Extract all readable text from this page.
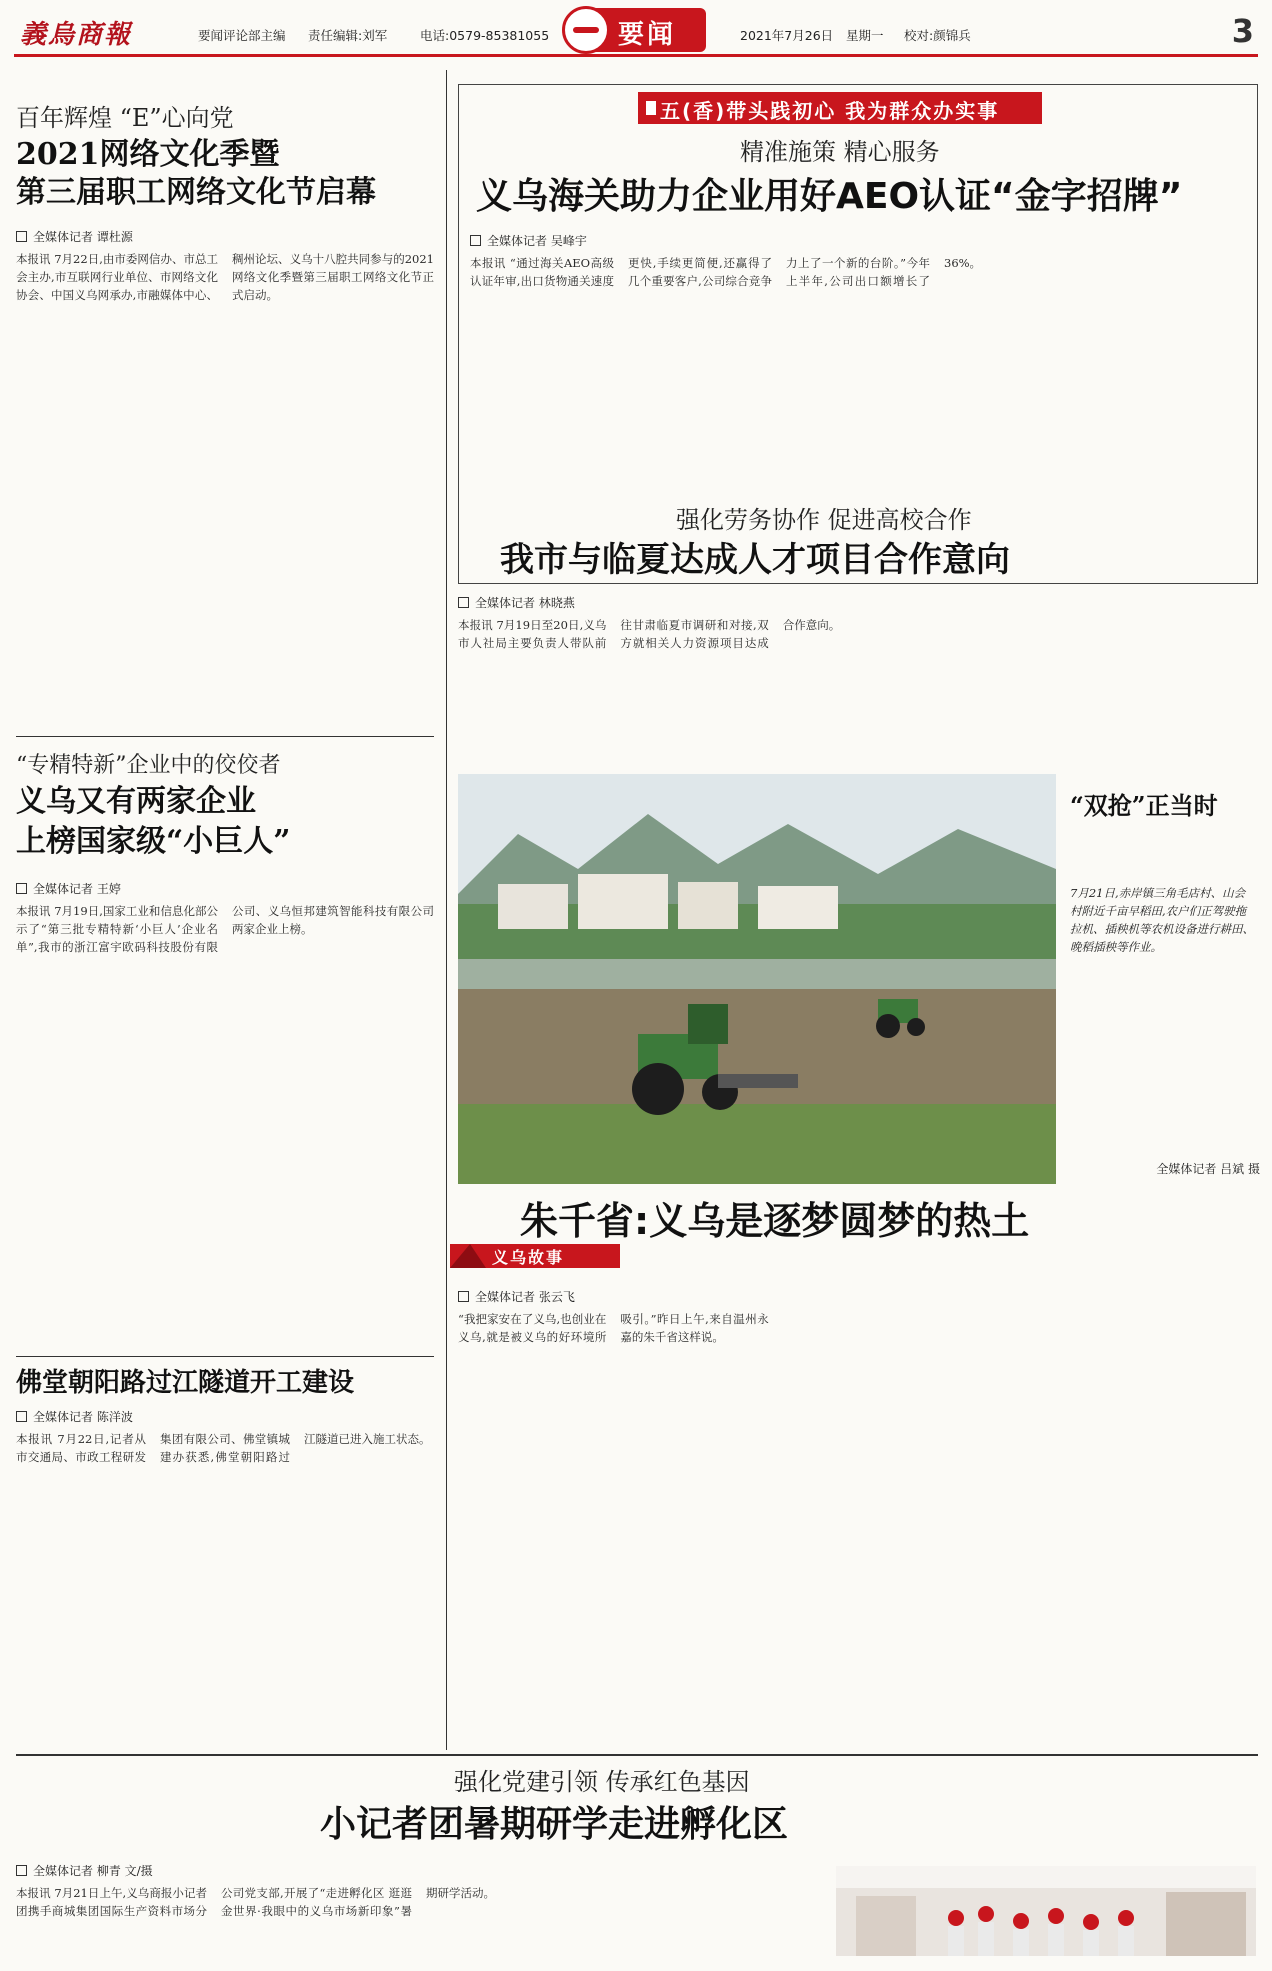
義烏商報	要闻评论部主编 责任编辑:刘军	电话:0579-85381055	要闻	2021年7月26日 星期一 校对:颜锦兵	3
百年辉煌 “E”心向党
2021网络文化季暨
第三届职工网络文化节启幕
全媒体记者 谭杜源
本报讯 7月22日,由市委网信办、市总工会主办,市互联网行业单位、市网络文化协会、中国义乌网承办,市融媒体中心、稠州论坛、义乌十八腔共同参与的2021网络文化季暨第三届职工网络文化节正式启动。
“专精特新”企业中的佼佼者
义乌又有两家企业
上榜国家级“小巨人”
全媒体记者 王婷
本报讯 7月19日,国家工业和信息化部公示了“第三批专精特新‘小巨人’企业名单”,我市的浙江富宇欧码科技股份有限公司、义乌恒邦建筑智能科技有限公司两家企业上榜。
佛堂朝阳路过江隧道开工建设
全媒体记者 陈洋波
本报讯 7月22日,记者从市交通局、市政工程研发集团有限公司、佛堂镇城建办获悉,佛堂朝阳路过江隧道已进入施工状态。
五(香)带头践初心 我为群众办实事
精准施策 精心服务
义乌海关助力企业用好AEO认证“金字招牌”
全媒体记者 吴峰宇
本报讯 “通过海关AEO高级认证年审,出口货物通关速度更快,手续更简便,还赢得了几个重要客户,公司综合竞争力上了一个新的台阶。”今年上半年,公司出口额增长了36%。
强化劳务协作 促进高校合作
我市与临夏达成人才项目合作意向
全媒体记者 林晓燕
本报讯 7月19日至20日,义乌市人社局主要负责人带队前往甘肃临夏市调研和对接,双方就相关人力资源项目达成合作意向。
“双抢”正当时
7月21日,赤岸镇三角毛店村、山会村附近千亩早稻田,农户们正驾驶拖拉机、插秧机等农机设备进行耕田、晚稻插秧等作业。
全媒体记者 吕斌 摄
朱千省:义乌是逐梦圆梦的热土
义乌故事
全媒体记者 张云飞
“我把家安在了义乌,也创业在义乌,就是被义乌的好环境所吸引。”昨日上午,来自温州永嘉的朱千省这样说。
强化党建引领 传承红色基因
小记者团暑期研学走进孵化区
全媒体记者 柳青 文/摄
本报讯 7月21日上午,义乌商报小记者团携手商城集团国际生产资料市场分公司党支部,开展了“走进孵化区 逛逛金世界·我眼中的义乌市场新印象”暑期研学活动。
